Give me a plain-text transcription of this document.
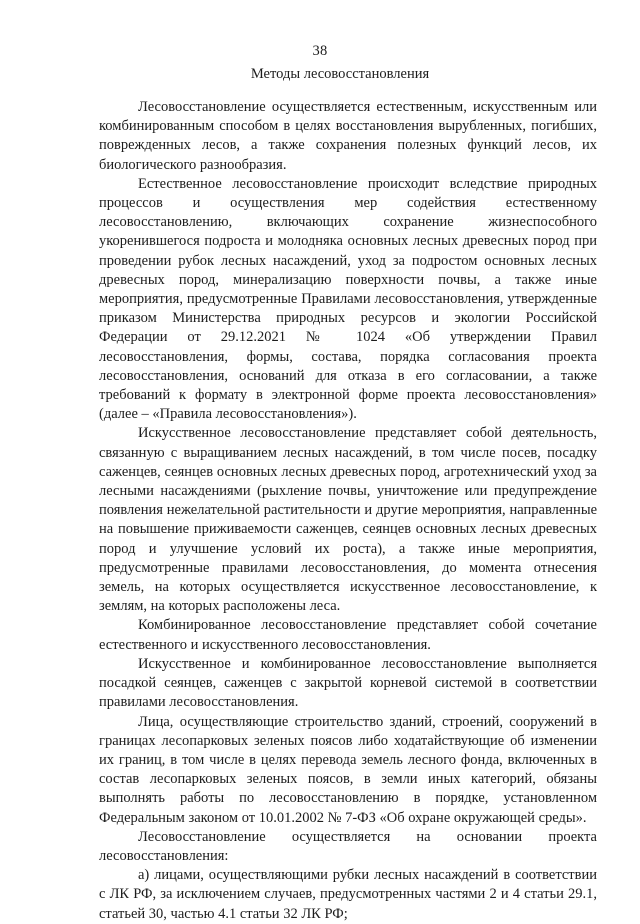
38
Методы лесовосстановления

Лесовосстановление осуществляется естественным, искусственным или комбинированным способом в целях восстановления вырубленных, погибших, поврежденных лесов, а также сохранения полезных функций лесов, их биологического разнообразия.

Естественное лесовосстановление происходит вследствие природных процессов и осуществления мер содействия естественному лесовосстановлению, включающих сохранение жизнеспособного укоренившегося подроста и молодняка основных лесных древесных пород при проведении рубок лесных насаждений, уход за подростом основных лесных древесных пород, минерализацию поверхности почвы, а также иные мероприятия, предусмотренные Правилами лесовосстановления, утвержденные приказом Министерства природных ресурсов и экологии Российской Федерации от 29.12.2021 № 1024 «Об утверждении Правил лесовосстановления, формы, состава, порядка согласования проекта лесовосстановления, оснований для отказа в его согласовании, а также требований к формату в электронной форме проекта лесовосстановления» (далее – «Правила лесовосстановления»).

Искусственное лесовосстановление представляет собой деятельность, связанную с выращиванием лесных насаждений, в том числе посев, посадку саженцев, сеянцев основных лесных древесных пород, агротехнический уход за лесными насаждениями (рыхление почвы, уничтожение или предупреждение появления нежелательной растительности и другие мероприятия, направленные на повышение приживаемости саженцев, сеянцев основных лесных древесных пород и улучшение условий их роста), а также иные мероприятия, предусмотренные правилами лесовосстановления, до момента отнесения земель, на которых осуществляется искусственное лесовосстановление, к землям, на которых расположены леса.

Комбинированное лесовосстановление представляет собой сочетание естественного и искусственного лесовосстановления.

Искусственное и комбинированное лесовосстановление выполняется посадкой сеянцев, саженцев с закрытой корневой системой в соответствии правилами лесовосстановления.

Лица, осуществляющие строительство зданий, строений, сооружений в границах лесопарковых зеленых поясов либо ходатайствующие об изменении их границ, в том числе в целях перевода земель лесного фонда, включенных в состав лесопарковых зеленых поясов, в земли иных категорий, обязаны выполнять работы по лесовосстановлению в порядке, установленном Федеральным законом от 10.01.2002 № 7-ФЗ «Об охране окружающей среды».

Лесовосстановление осуществляется на основании проекта лесовосстановления:

а) лицами, осуществляющими рубки лесных насаждений в соответствии с ЛК РФ, за исключением случаев, предусмотренных частями 2 и 4 статьи 29.1, статьей 30, частью 4.1 статьи 32 ЛК РФ;
